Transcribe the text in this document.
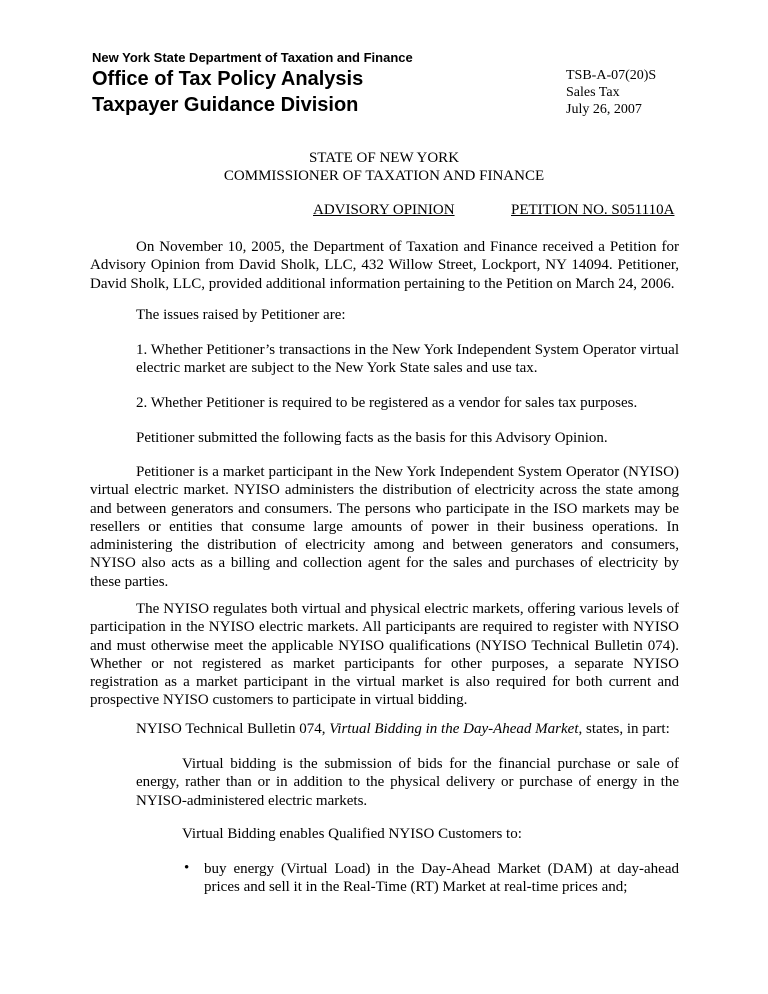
New York State Department of Taxation and Finance
Office of Tax Policy Analysis
Taxpayer Guidance Division
TSB-A-07(20)S
Sales Tax
July 26, 2007
STATE OF NEW YORK
COMMISSIONER OF TAXATION AND FINANCE
ADVISORY OPINION	PETITION NO. S051110A
On November 10, 2005, the Department of Taxation and Finance received a Petition for Advisory Opinion from David Sholk, LLC, 432 Willow Street, Lockport, NY 14094. Petitioner, David Sholk, LLC, provided additional information pertaining to the Petition on March 24, 2006.
The issues raised by Petitioner are:
1. Whether Petitioner’s transactions in the New York Independent System Operator virtual electric market are subject to the New York State sales and use tax.
2. Whether Petitioner is required to be registered as a vendor for sales tax purposes.
Petitioner submitted the following facts as the basis for this Advisory Opinion.
Petitioner is a market participant in the New York Independent System Operator (NYISO) virtual electric market. NYISO administers the distribution of electricity across the state among and between generators and consumers. The persons who participate in the ISO markets may be resellers or entities that consume large amounts of power in their business operations. In administering the distribution of electricity among and between generators and consumers, NYISO also acts as a billing and collection agent for the sales and purchases of electricity by these parties.
The NYISO regulates both virtual and physical electric markets, offering various levels of participation in the NYISO electric markets. All participants are required to register with NYISO and must otherwise meet the applicable NYISO qualifications (NYISO Technical Bulletin 074). Whether or not registered as market participants for other purposes, a separate NYISO registration as a market participant in the virtual market is also required for both current and prospective NYISO customers to participate in virtual bidding.
NYISO Technical Bulletin 074, Virtual Bidding in the Day-Ahead Market, states, in part:
Virtual bidding is the submission of bids for the financial purchase or sale of energy, rather than or in addition to the physical delivery or purchase of energy in the NYISO-administered electric markets.
Virtual Bidding enables Qualified NYISO Customers to:
• buy energy (Virtual Load) in the Day-Ahead Market (DAM) at day-ahead prices and sell it in the Real-Time (RT) Market at real-time prices and;
